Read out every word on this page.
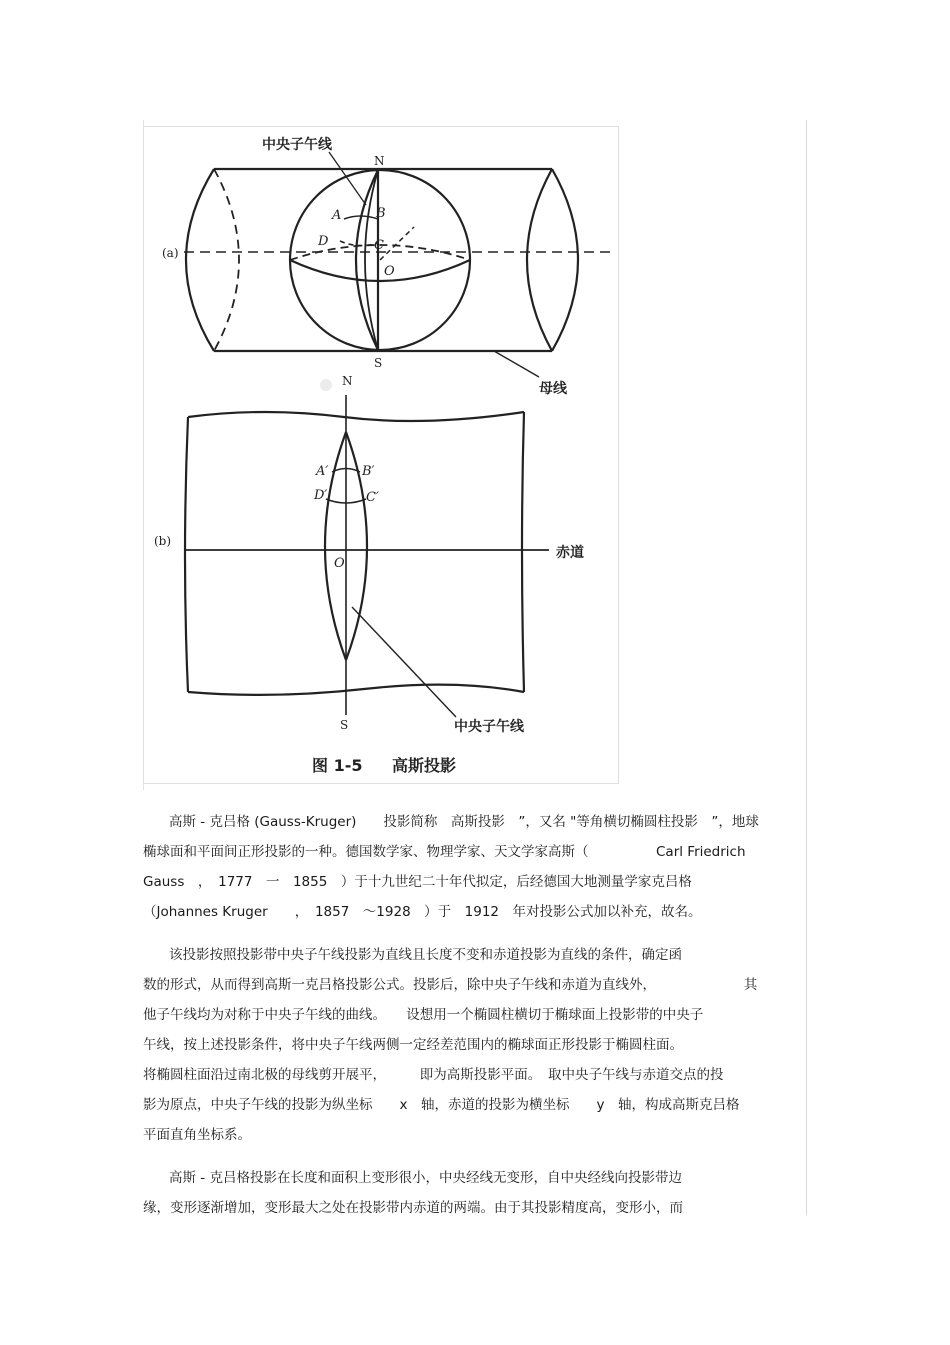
中央子午线
N
A	B
D	C
O
(a)
S
母线
N
A′	B′
D′	C′
(b)
O
赤道
S	中央子午线
图 1-5 高斯投影
高斯 - 克吕格 (Gauss-Kruger)　　投影简称　高斯投影　”，又名 "等角横切椭圆柱投影　”，地球
椭球面和平面间正形投影的一种。德国数学家、物理学家、天文学家高斯（　　　　　Carl Friedrich
Gauss　，　1777　一　1855　）于十九世纪二十年代拟定，后经德国大地测量学家克吕格
（Johannes Kruger　　，　1857　～1928　）于　1912　年对投影公式加以补充，故名。
该投影按照投影带中央子午线投影为直线且长度不变和赤道投影为直线的条件，确定函
数的形式，从而得到高斯一克吕格投影公式。投影后，除中央子午线和赤道为直线外，　　　　　　　其
他子午线均为对称于中央子午线的曲线。　　设想用一个椭圆柱横切于椭球面上投影带的中央子
午线，按上述投影条件，将中央子午线两侧一定经差范围内的椭球面正形投影于椭圆柱面。
将椭圆柱面沿过南北极的母线剪开展平，　　　即为高斯投影平面。　取中央子午线与赤道交点的投
影为原点，中央子午线的投影为纵坐标　　x　轴，赤道的投影为横坐标　　y　轴，构成高斯克吕格
平面直角坐标系。
高斯 - 克吕格投影在长度和面积上变形很小，中央经线无变形，自中央经线向投影带边
缘，变形逐渐增加，变形最大之处在投影带内赤道的两端。由于其投影精度高，变形小，而
